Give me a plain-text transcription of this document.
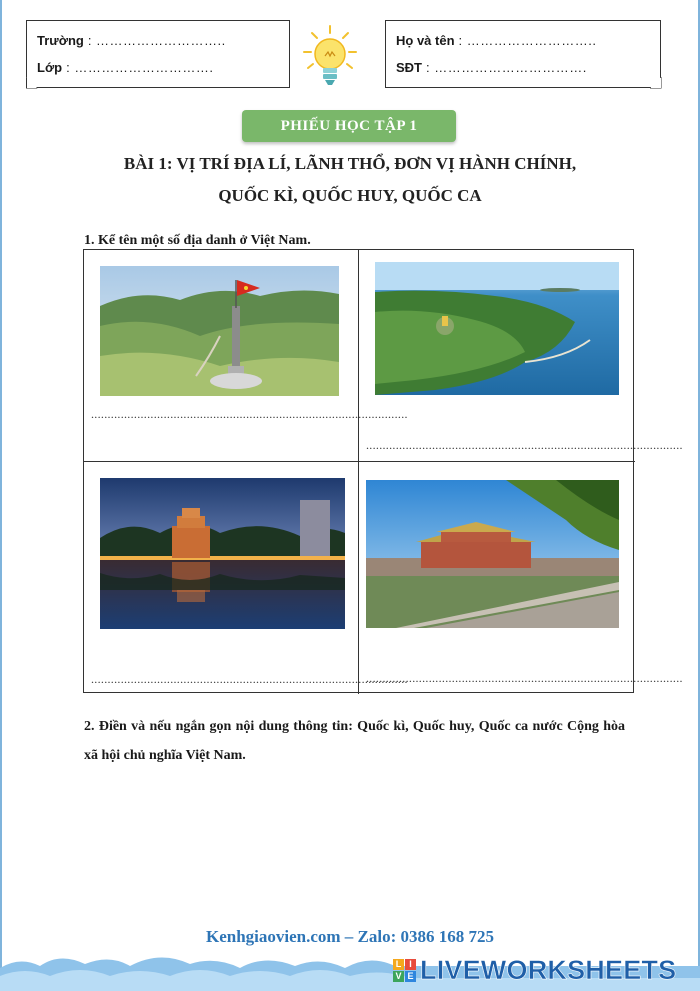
Trường : ………………………..
Lớp : ………………………….
Họ và tên : ………………………..
SĐT : …………………………….
PHIẾU HỌC TẬP 1
BÀI 1: VỊ TRÍ ĐỊA LÍ, LÃNH THỔ, ĐƠN VỊ HÀNH CHÍNH,
QUỐC KÌ, QUỐC HUY, QUỐC CA
1. Kể tên một số địa danh ở Việt Nam.
................................................................................................
................................................................................................
................................................................................................
................................................................................................
2. Điền và nếu ngắn gọn nội dung thông tin: Quốc kì, Quốc huy, Quốc ca nước Cộng hòa xã hội chủ nghĩa Việt Nam.
Kenhgiaovien.com – Zalo: 0386 168 725
L I
V E LIVEWORKSHEETS
